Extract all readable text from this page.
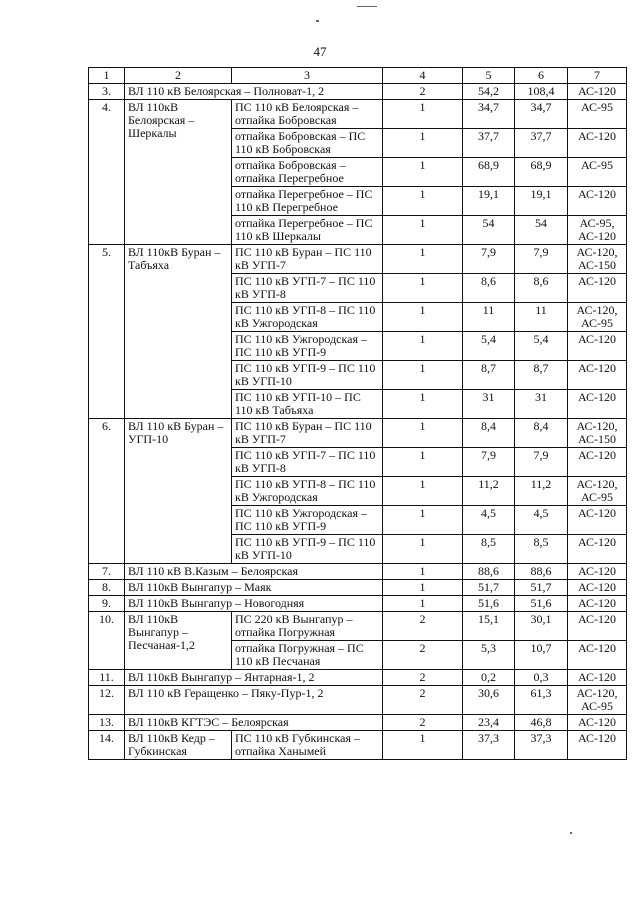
47
1	2	3	4	5	6	7
3.	ВЛ 110 кВ Белоярская – Полноват-1, 2		2	54,2	108,4	АС-120
4.	ВЛ 110кВ Белоярская – Шеркалы	ПС 110 кВ Белоярская – отпайка Бобровская	1	34,7	34,7	АС-95
		отпайка Бобровская – ПС 110 кВ Бобровская	1	37,7	37,7	АС-120
		отпайка Бобровская – отпайка Перегребное	1	68,9	68,9	АС-95
		отпайка Перегребное – ПС 110 кВ Перегребное	1	19,1	19,1	АС-120
		отпайка Перегребное – ПС 110 кВ Шеркалы	1	54	54	АС-95, АС-120
5.	ВЛ 110кВ Буран – Табъяха	ПС 110 кВ Буран – ПС 110 кВ УГП-7	1	7,9	7,9	АС-120, АС-150
		ПС 110 кВ УГП-7 – ПС 110 кВ УГП-8	1	8,6	8,6	АС-120
		ПС 110 кВ УГП-8 – ПС 110 кВ Ужгородская	1	11	11	АС-120, АС-95
		ПС 110 кВ Ужгородская – ПС 110 кВ УГП-9	1	5,4	5,4	АС-120
		ПС 110 кВ УГП-9 – ПС 110 кВ УГП-10	1	8,7	8,7	АС-120
		ПС 110 кВ УГП-10 – ПС 110 кВ Табъяха	1	31	31	АС-120
6.	ВЛ 110 кВ Буран – УГП-10	ПС 110 кВ Буран – ПС 110 кВ УГП-7	1	8,4	8,4	АС-120, АС-150
		ПС 110 кВ УГП-7 – ПС 110 кВ УГП-8	1	7,9	7,9	АС-120
		ПС 110 кВ УГП-8 – ПС 110 кВ Ужгородская	1	11,2	11,2	АС-120, АС-95
		ПС 110 кВ Ужгородская – ПС 110 кВ УГП-9	1	4,5	4,5	АС-120
		ПС 110 кВ УГП-9 – ПС 110 кВ УГП-10	1	8,5	8,5	АС-120
7.	ВЛ 110 кВ В.Казым – Белоярская		1	88,6	88,6	АС-120
8.	ВЛ 110кВ Вынгапур – Маяк		1	51,7	51,7	АС-120
9.	ВЛ 110кВ Вынгапур – Новогодняя		1	51,6	51,6	АС-120
10.	ВЛ 110кВ Вынгапур – Песчаная-1,2	ПС 220 кВ Вынгапур – отпайка Погружная	2	15,1	30,1	АС-120
		отпайка Погружная – ПС 110 кВ Песчаная	2	5,3	10,7	АС-120
11.	ВЛ 110кВ Вынгапур – Янтарная-1, 2		2	0,2	0,3	АС-120
12.	ВЛ 110 кВ Геращенко – Пяку-Пур-1, 2		2	30,6	61,3	АС-120, АС-95
13.	ВЛ 110кВ КГТЭС – Белоярская		2	23,4	46,8	АС-120
14.	ВЛ 110кВ Кедр – Губкинская	ПС 110 кВ Губкинская – отпайка Ханымей	1	37,3	37,3	АС-120
